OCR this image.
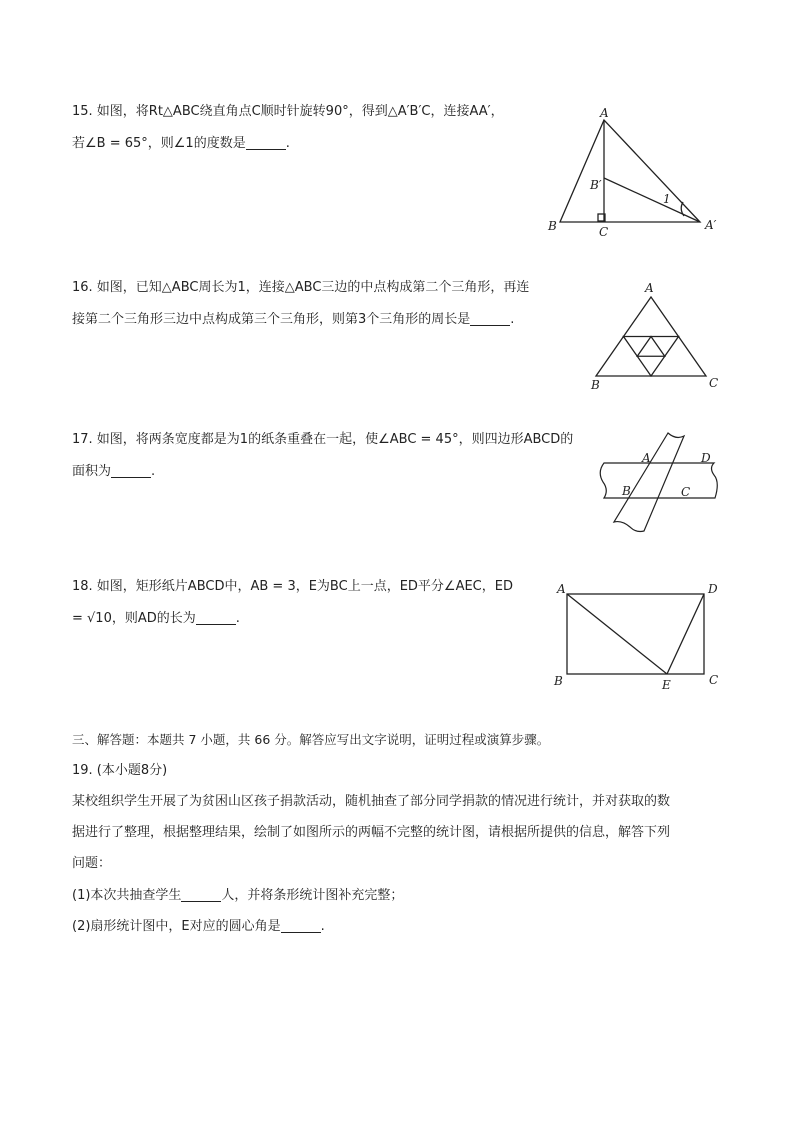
15. 如图，将Rt△ABC绕直角点C顺时针旋转90°，得到△A′B′C，连接AA′，
若∠B = 65°，则∠1的度数是	.
A
B	C
B′
A′
1
16. 如图，已知△ABC周长为1，连接△ABC三边的中点构成第二个三角形，再连
接第二个三角形三边中点构成第三个三角形，则第3个三角形的周长是	.
A
B	C
17. 如图，将两条宽度都是为1的纸条重叠在一起，使∠ABC = 45°，则四边形ABCD的
面积为	.
A	D
B	C
18. 如图，矩形纸片ABCD中，AB = 3，E为BC上一点，ED平分∠AEC，ED
= √10，则AD的长为	.
A	D
B	E	C
三、解答题：本题共 7 小题，共 66 分。解答应写出文字说明，证明过程或演算步骤。
19. (本小题8分)
某校组织学生开展了为贫困山区孩子捐款活动，随机抽查了部分同学捐款的情况进行统计，并对获取的数
据进行了整理，根据整理结果，绘制了如图所示的两幅不完整的统计图，请根据所提供的信息，解答下列
问题：
(1)本次共抽查学生	人，并将条形统计图补充完整；
(2)扇形统计图中，E对应的圆心角是	.
